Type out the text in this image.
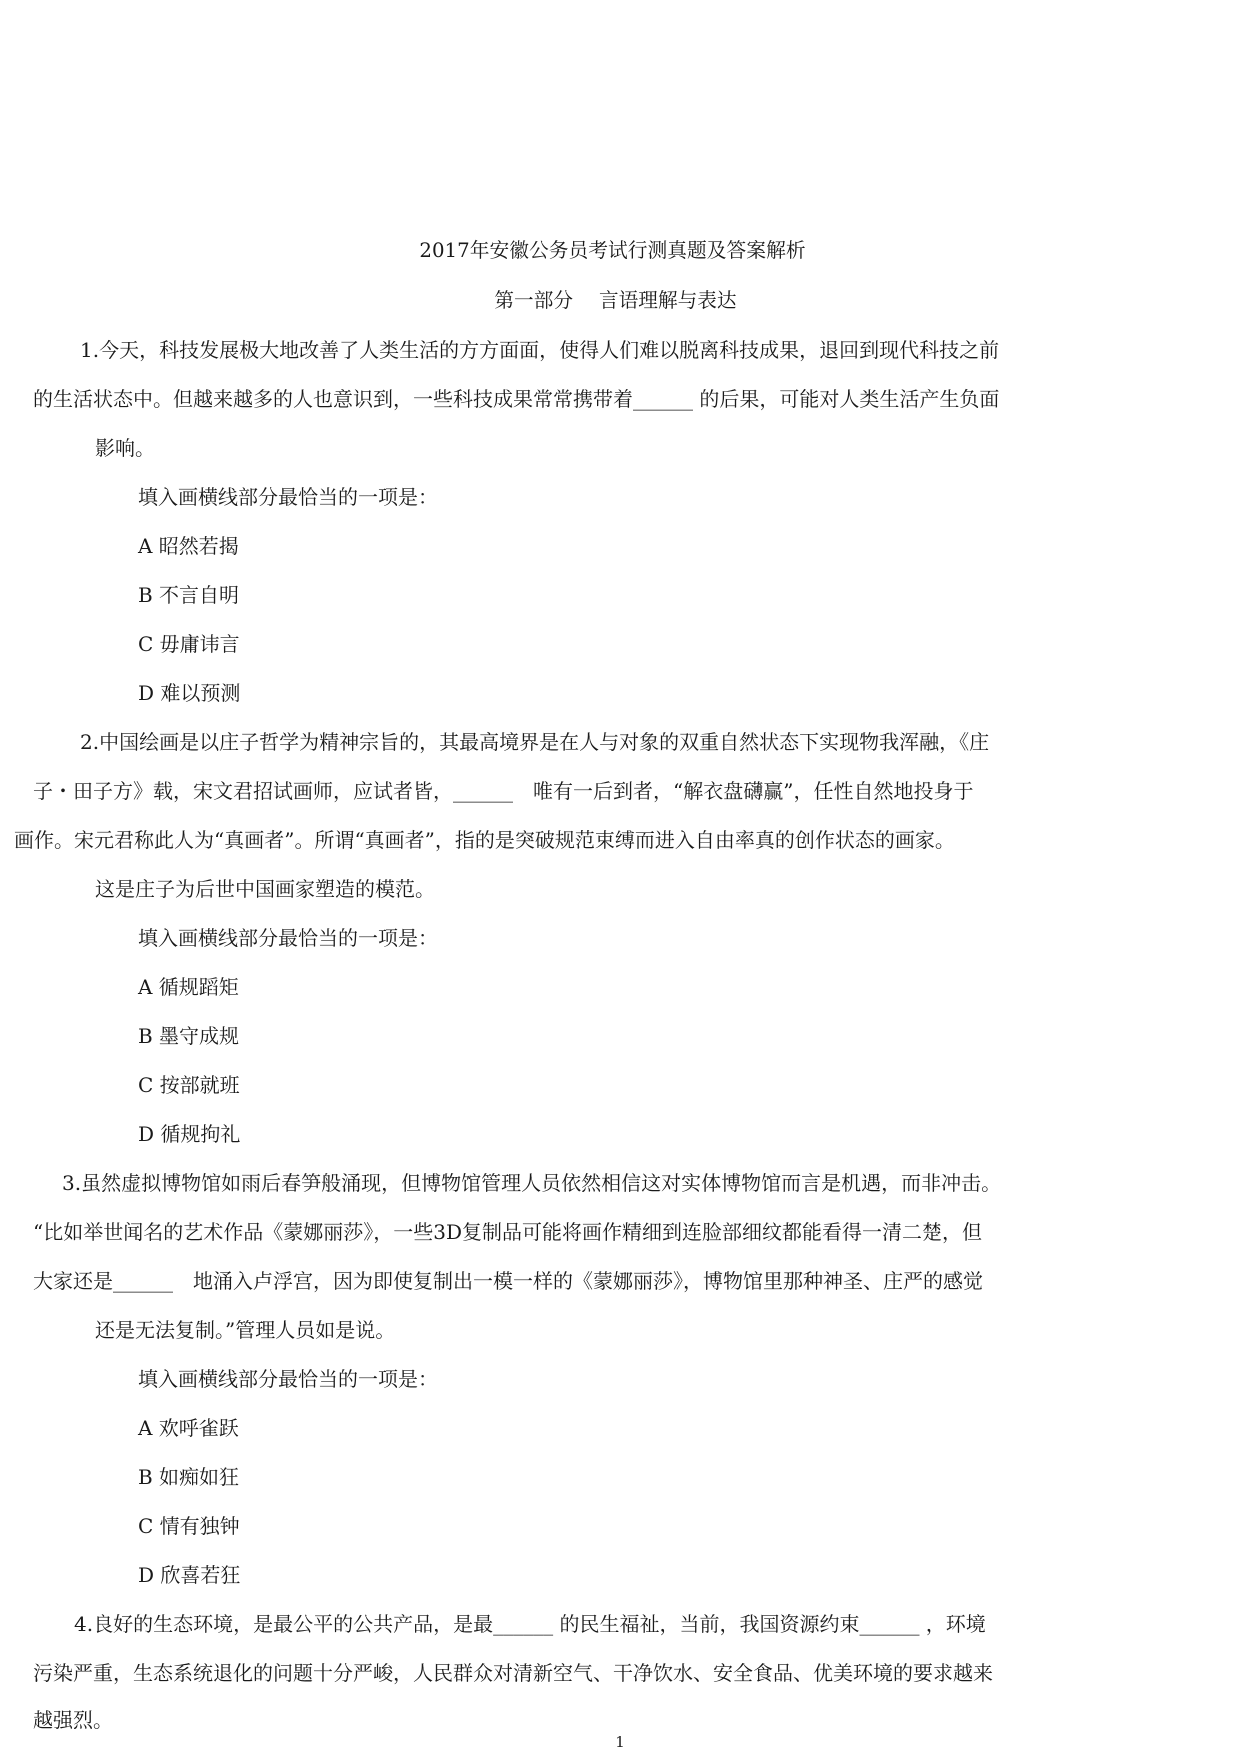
2017年安徽公务员考试行测真题及答案解析
第一部分　 言语理解与表达
1.今天，科技发展极大地改善了人类生活的方方面面，使得人们难以脱离科技成果，退回到现代科技之前
的生活状态中。但越来越多的人也意识到，一些科技成果常常携带着______ 的后果，可能对人类生活产生负面
影响。
填入画横线部分最恰当的一项是：
A 昭然若揭
B 不言自明
C 毋庸讳言
D 难以预测
2.中国绘画是以庄子哲学为精神宗旨的，其最高境界是在人与对象的双重自然状态下实现物我浑融，《庄
子・田子方》载，宋文君招试画师，应试者皆，______　唯有一后到者，“解衣盘礴赢”，任性自然地投身于
画作。宋元君称此人为“真画者”。所谓“真画者”，指的是突破规范束缚而进入自由率真的创作状态的画家。
这是庄子为后世中国画家塑造的模范。
填入画横线部分最恰当的一项是：
A 循规蹈矩
B 墨守成规
C 按部就班
D 循规拘礼
3.虽然虚拟博物馆如雨后春笋般涌现，但博物馆管理人员依然相信这对实体博物馆而言是机遇，而非冲击。
“比如举世闻名的艺术作品《蒙娜丽莎》，一些3D复制品可能将画作精细到连脸部细纹都能看得一清二楚，但
大家还是______　地涌入卢浮宫，因为即使复制出一模一样的《蒙娜丽莎》，博物馆里那种神圣、庄严的感觉
还是无法复制。”管理人员如是说。
填入画横线部分最恰当的一项是：
A 欢呼雀跃
B 如痴如狂
C 情有独钟
D 欣喜若狂
4.良好的生态环境，是最公平的公共产品，是最______ 的民生福祉，当前，我国资源约束______ ，环境
污染严重，生态系统退化的问题十分严峻，人民群众对清新空气、干净饮水、安全食品、优美环境的要求越来
越强烈。
1
